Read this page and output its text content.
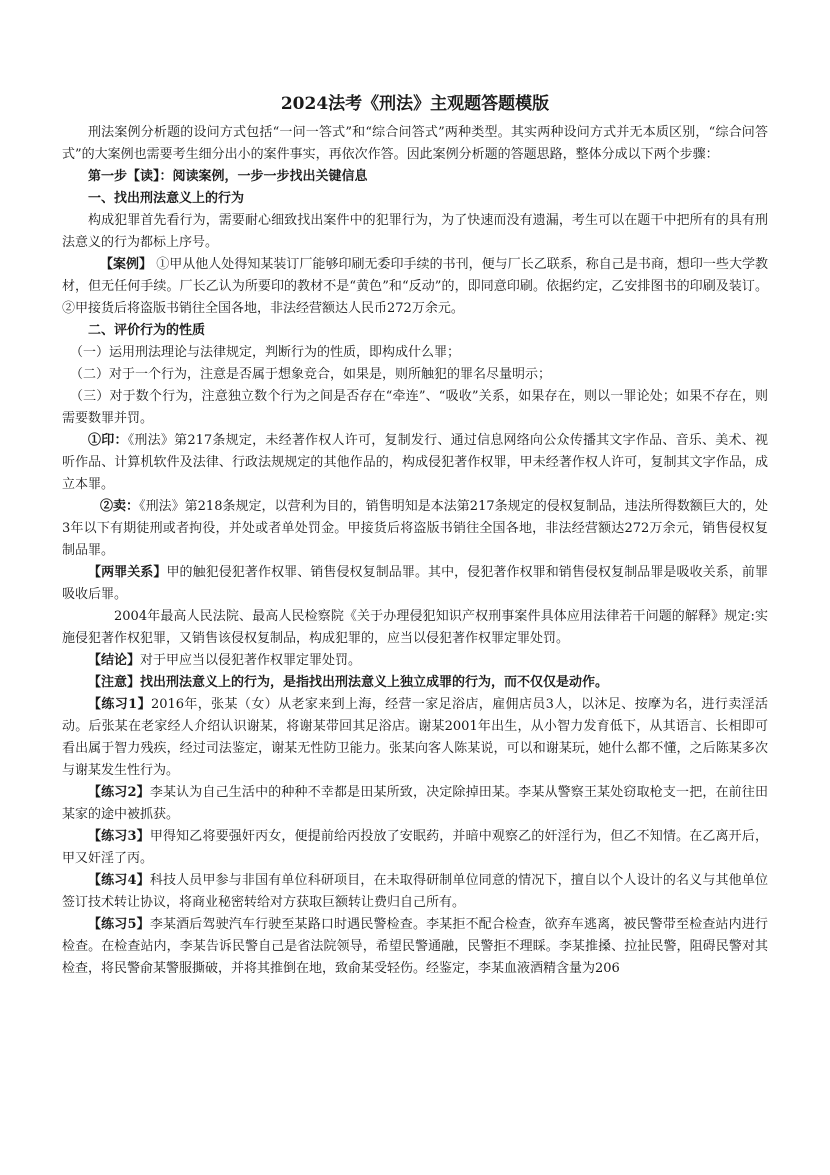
2024法考《刑法》主观题答题模版

刑法案例分析题的设问方式包括“一问一答式”和“综合问答式”两种类型。其实两种设问方式并无本质区别，“综合问答式”的大案例也需要考生细分出小的案件事实，再依次作答。因此案例分析题的答题思路，整体分成以下两个步骤：

第一步【读】：阅读案例，一步一步找出关键信息

一、找出刑法意义上的行为

构成犯罪首先看行为，需要耐心细致找出案件中的犯罪行为，为了快速而没有遗漏，考生可以在题干中把所有的具有刑法意义的行为都标上序号。

【案例】 ①甲从他人处得知某装订厂能够印刷无委印手续的书刊，便与厂长乙联系，称自己是书商，想印一些大学教材，但无任何手续。厂长乙认为所要印的教材不是“黄色”和“反动”的，即同意印刷。依据约定，乙安排图书的印刷及装订。 ②甲接货后将盗版书销往全国各地，非法经营额达人民币272万余元。

二、评价行为的性质

（一）运用刑法理论与法律规定，判断行为的性质，即构成什么罪；

（二）对于一个行为，注意是否属于想象竞合，如果是，则所触犯的罪名尽量明示；

（三）对于数个行为，注意独立数个行为之间是否存在“牵连”、“吸收”关系，如果存在，则以一罪论处；如果不存在，则需要数罪并罚。

①印：《刑法》第217条规定，未经著作权人许可，复制发行、通过信息网络向公众传播其文字作品、音乐、美术、视听作品、计算机软件及法律、行政法规规定的其他作品的，构成侵犯著作权罪，甲未经著作权人许可，复制其文字作品，成立本罪。

②卖：《刑法》第218条规定，以营利为目的，销售明知是本法第217条规定的侵权复制品，违法所得数额巨大的，处3年以下有期徒刑或者拘役，并处或者单处罚金。甲接货后将盗版书销往全国各地，非法经营额达272万余元，销售侵权复制品罪。

【两罪关系】甲的触犯侵犯著作权罪、销售侵权复制品罪。其中，侵犯著作权罪和销售侵权复制品罪是吸收关系，前罪吸收后罪。

2004年最高人民法院、最高人民检察院《关于办理侵犯知识产权刑事案件具体应用法律若干问题的解释》规定:实施侵犯著作权犯罪，又销售该侵权复制品，构成犯罪的，应当以侵犯著作权罪定罪处罚。

【结论】对于甲应当以侵犯著作权罪定罪处罚。

【注意】找出刑法意义上的行为，是指找出刑法意义上独立成罪的行为，而不仅仅是动作。

【练习1】2016年，张某（女）从老家来到上海，经营一家足浴店，雇佣店员3人，以沐足、按摩为名，进行卖淫活动。后张某在老家经人介绍认识谢某，将谢某带回其足浴店。谢某2001年出生，从小智力发育低下，从其语言、长相即可看出属于智力残疾，经过司法鉴定，谢某无性防卫能力。张某向客人陈某说，可以和谢某玩，她什么都不懂，之后陈某多次与谢某发生性行为。

【练习2】李某认为自己生活中的种种不幸都是田某所致，决定除掉田某。李某从警察王某处窃取枪支一把，在前往田某家的途中被抓获。

【练习3】甲得知乙将要强奸丙女，便提前给丙投放了安眠药，并暗中观察乙的奸淫行为，但乙不知情。在乙离开后，甲又奸淫了丙。

【练习4】科技人员甲参与非国有单位科研项目，在未取得研制单位同意的情况下，擅自以个人设计的名义与其他单位签订技术转让协议，将商业秘密转给对方获取巨额转让费归自己所有。

【练习5】李某酒后驾驶汽车行驶至某路口时遇民警检查。李某拒不配合检查，欲弃车逃离，被民警带至检查站内进行检查。在检查站内，李某告诉民警自己是省法院领导，希望民警通融，民警拒不理睬。李某推搡、拉扯民警，阻碍民警对其检查，将民警俞某警服撕破，并将其推倒在地，致俞某受轻伤。经鉴定，李某血液酒精含量为206
